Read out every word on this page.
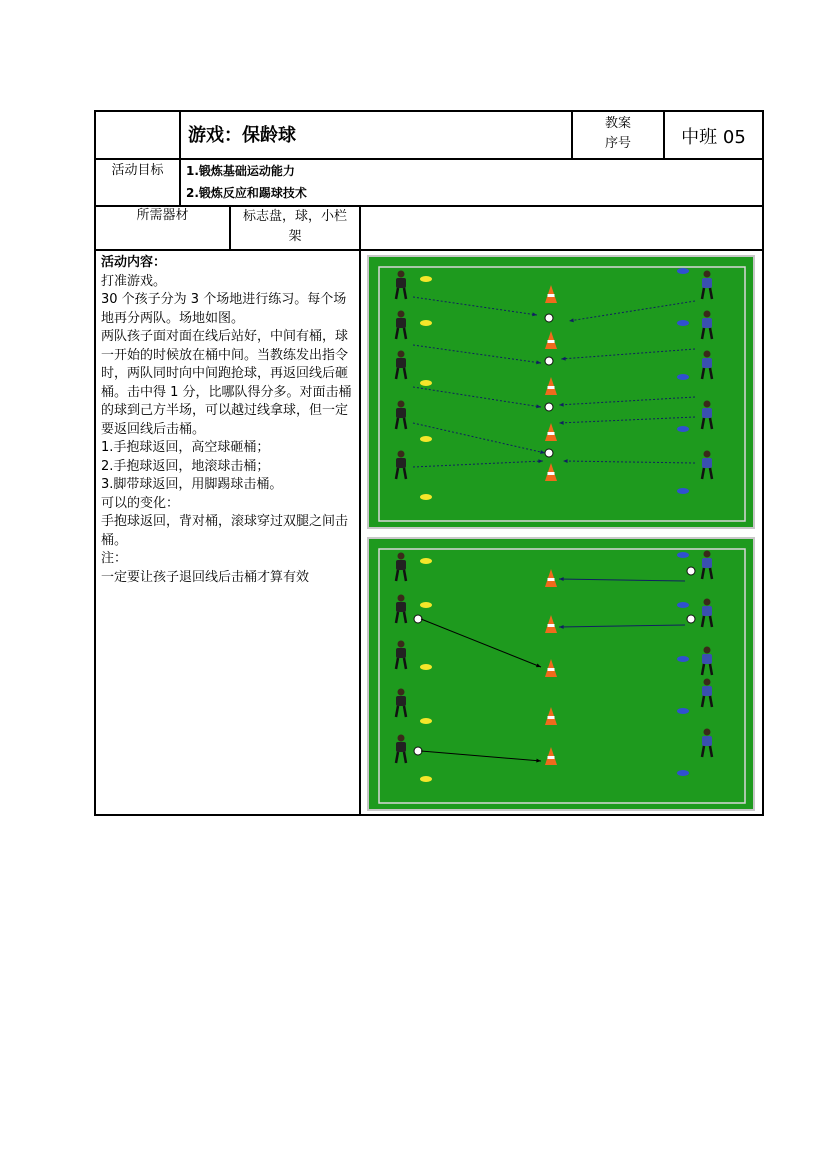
游戏：保龄球
教案
序号	中班 05
活动目标	1.锻炼基础运动能力
2.锻炼反应和踢球技术
所需器材	标志盘，球，小栏
架
活动内容：
打准游戏。
30 个孩子分为 3 个场地进行练习。每个场地再分两队。场地如图。
两队孩子面对面在线后站好，中间有桶，球一开始的时候放在桶中间。当教练发出指令时，两队同时向中间跑抢球，再返回线后砸桶。击中得 1 分，比哪队得分多。对面击桶的球到己方半场，可以越过线拿球，但一定要返回线后击桶。
1.手抱球返回，高空球砸桶；
2.手抱球返回，地滚球击桶；
3.脚带球返回，用脚踢球击桶。
可以的变化：
手抱球返回，背对桶，滚球穿过双腿之间击桶。
注：
一定要让孩子退回线后击桶才算有效
